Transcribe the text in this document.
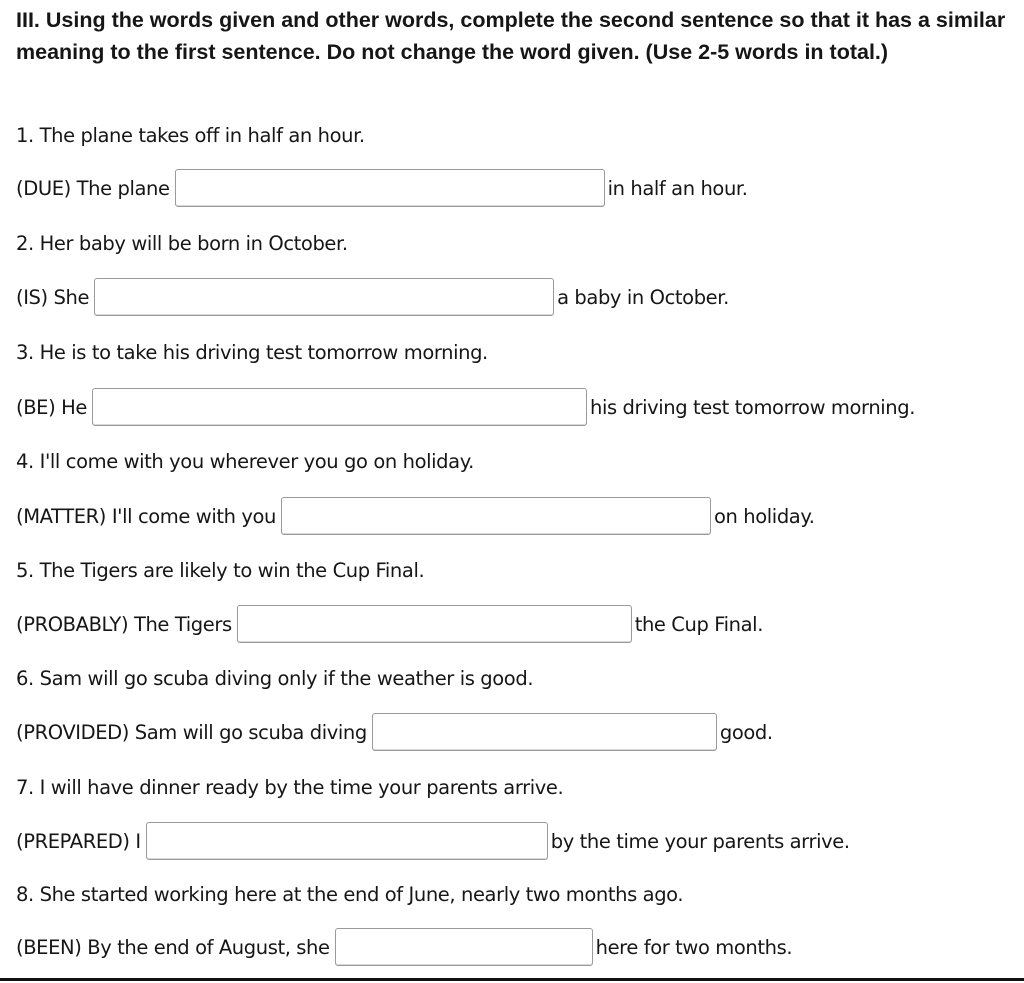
III. Using the words given and other words, complete the second sentence so that it has a similar meaning to the first sentence. Do not change the word given. (Use 2-5 words in total.)

1. The plane takes off in half an hour.
(DUE) The plane	in half an hour.
2. Her baby will be born in October.
(IS) She	a baby in October.
3. He is to take his driving test tomorrow morning.
(BE) He	his driving test tomorrow morning.
4. I'll come with you wherever you go on holiday.
(MATTER) I'll come with you	on holiday.
5. The Tigers are likely to win the Cup Final.
(PROBABLY) The Tigers	the Cup Final.
6. Sam will go scuba diving only if the weather is good.
(PROVIDED) Sam will go scuba diving	good.
7. I will have dinner ready by the time your parents arrive.
(PREPARED) I	by the time your parents arrive.
8. She started working here at the end of June, nearly two months ago.
(BEEN) By the end of August, she	here for two months.
